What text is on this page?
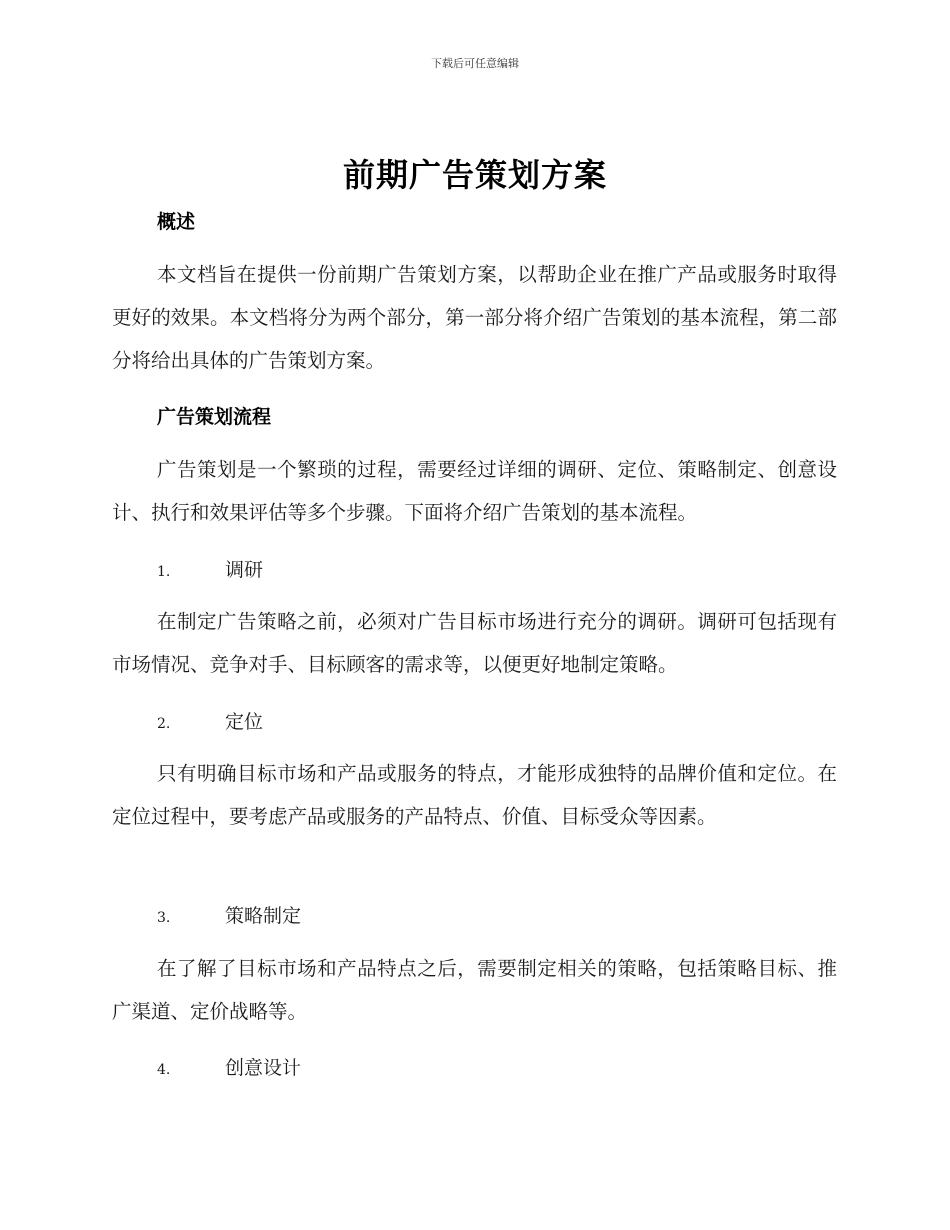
下载后可任意编辑
前期广告策划方案
概述
本文档旨在提供一份前期广告策划方案，以帮助企业在推广产品或服务时取得更好的效果。本文档将分为两个部分，第一部分将介绍广告策划的基本流程，第二部分将给出具体的广告策划方案。
广告策划流程
广告策划是一个繁琐的过程，需要经过详细的调研、定位、策略制定、创意设计、执行和效果评估等多个步骤。下面将介绍广告策划的基本流程。
1.	调研
在制定广告策略之前，必须对广告目标市场进行充分的调研。调研可包括现有市场情况、竞争对手、目标顾客的需求等，以便更好地制定策略。
2.	定位
只有明确目标市场和产品或服务的特点，才能形成独特的品牌价值和定位。在定位过程中，要考虑产品或服务的产品特点、价值、目标受众等因素。
3.	策略制定
在了解了目标市场和产品特点之后，需要制定相关的策略，包括策略目标、推广渠道、定价战略等。
4.	创意设计
